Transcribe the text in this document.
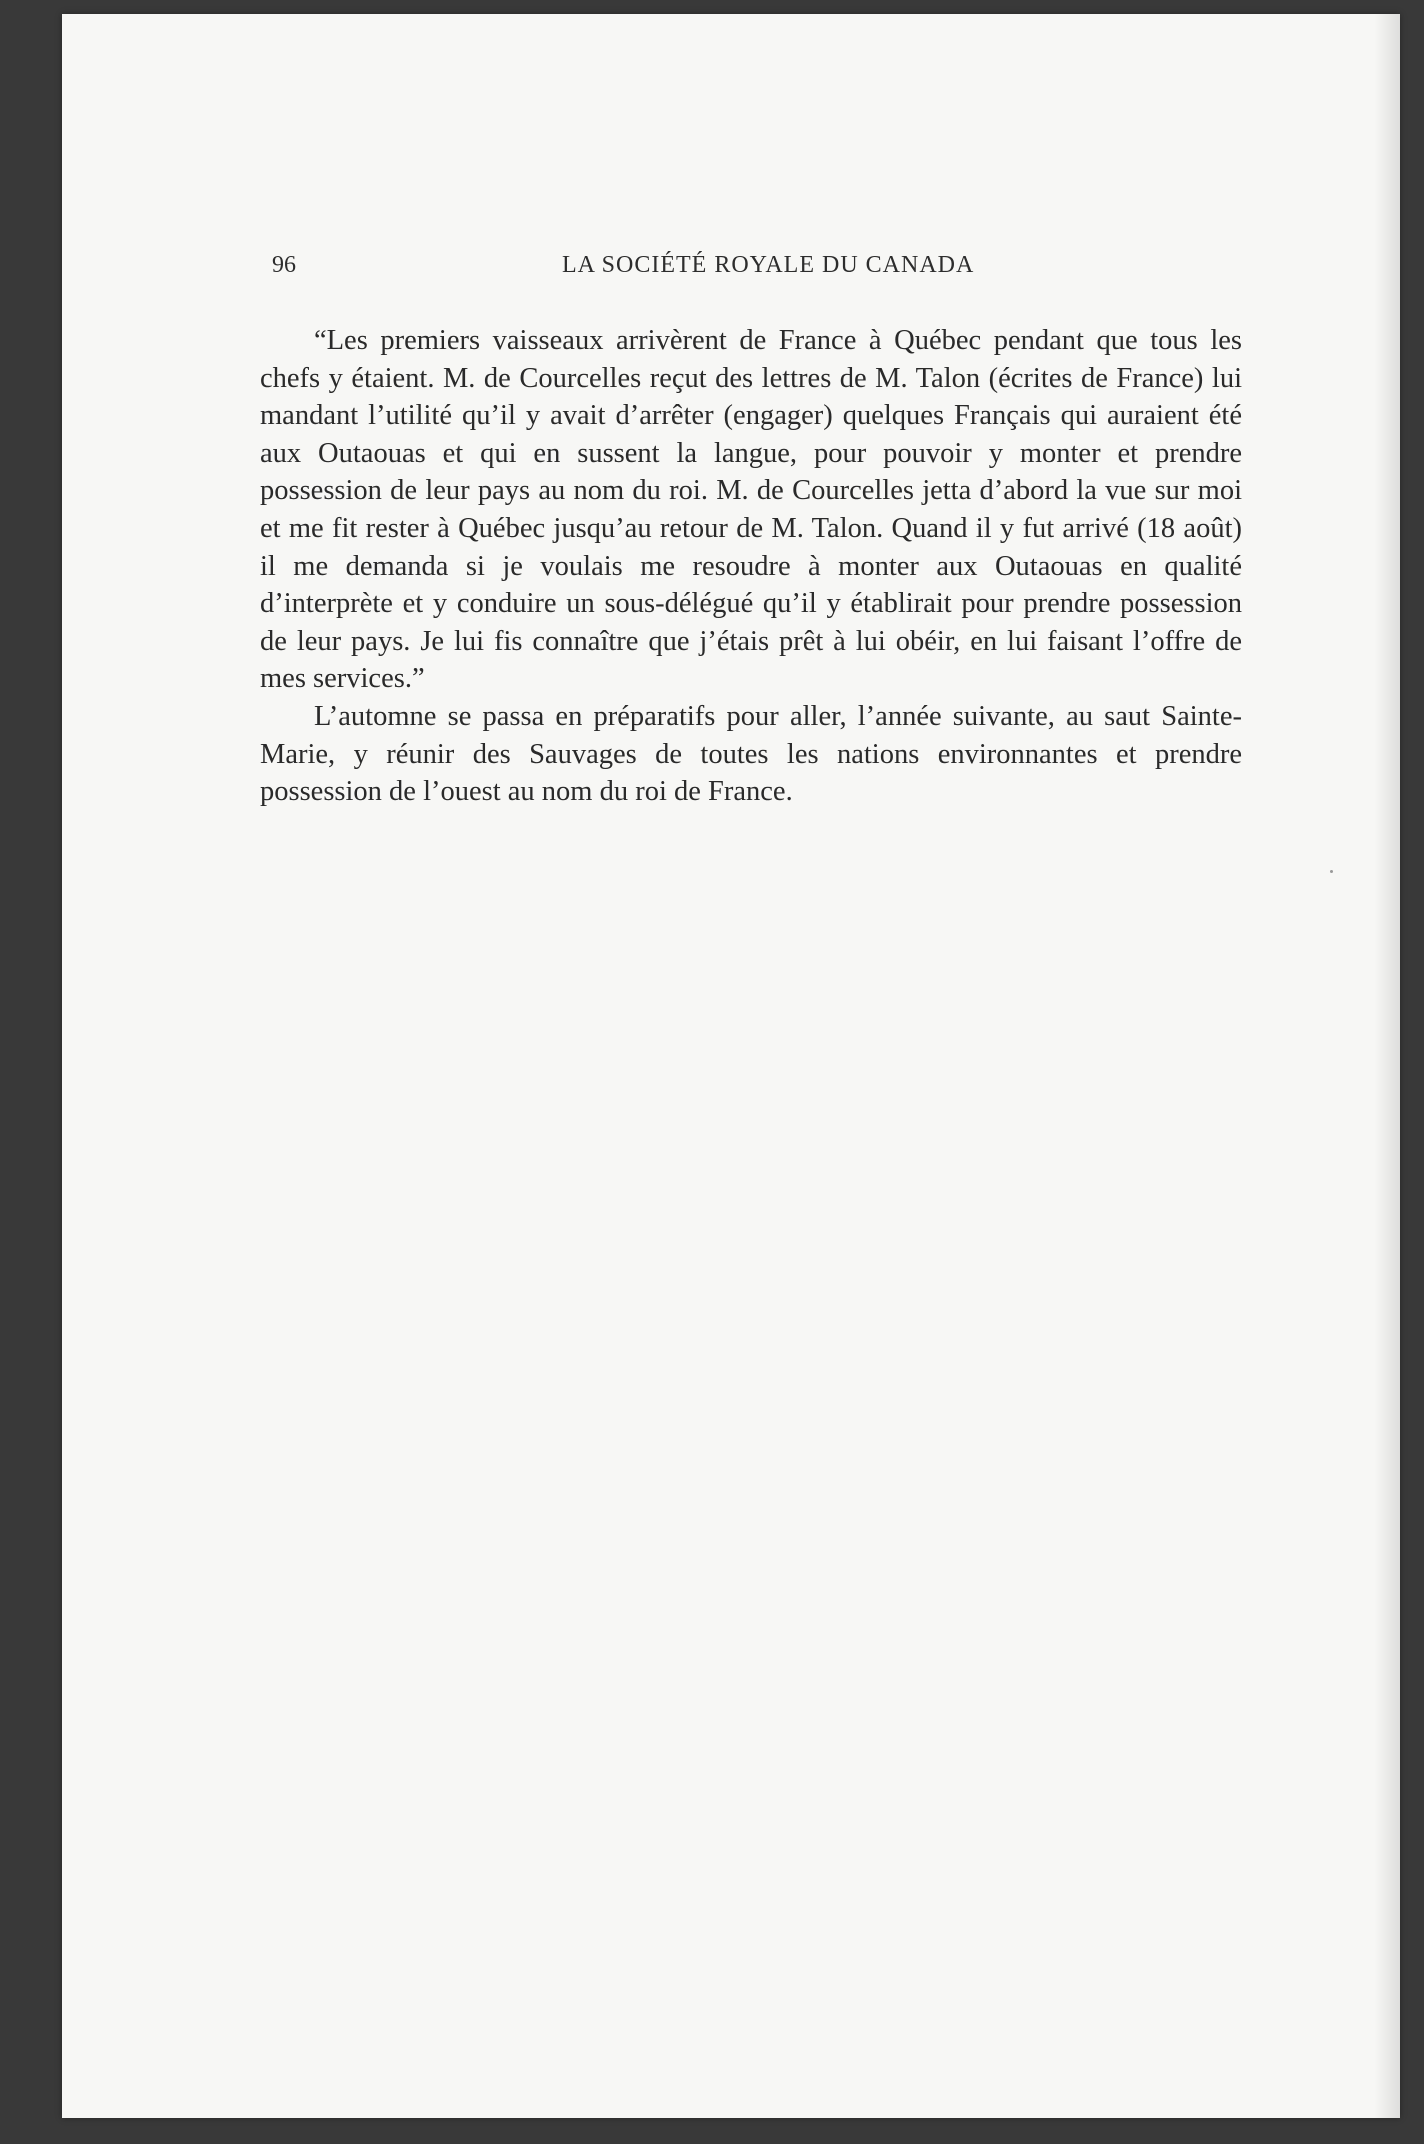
96	LA SOCIÉTÉ ROYALE DU CANADA

“Les premiers vaisseaux arrivèrent de France à Québec pendant que tous les chefs y étaient. M. de Courcelles reçut des lettres de M. Talon (écrites de France) lui mandant l’utilité qu’il y avait d’arrêter (engager) quelques Français qui auraient été aux Outaouas et qui en sussent la langue, pour pouvoir y monter et prendre possession de leur pays au nom du roi. M. de Courcelles jetta d’abord la vue sur moi et me fit rester à Québec jusqu’au retour de M. Talon. Quand il y fut arrivé (18 août) il me demanda si je voulais me resoudre à monter aux Outaouas en qualité d’interprète et y conduire un sous-délégué qu’il y établirait pour prendre possession de leur pays. Je lui fis connaître que j’étais prêt à lui obéir, en lui faisant l’offre de mes services.”

L’automne se passa en préparatifs pour aller, l’année suivante, au saut Sainte-Marie, y réunir des Sauvages de toutes les nations environnantes et prendre possession de l’ouest au nom du roi de France.
